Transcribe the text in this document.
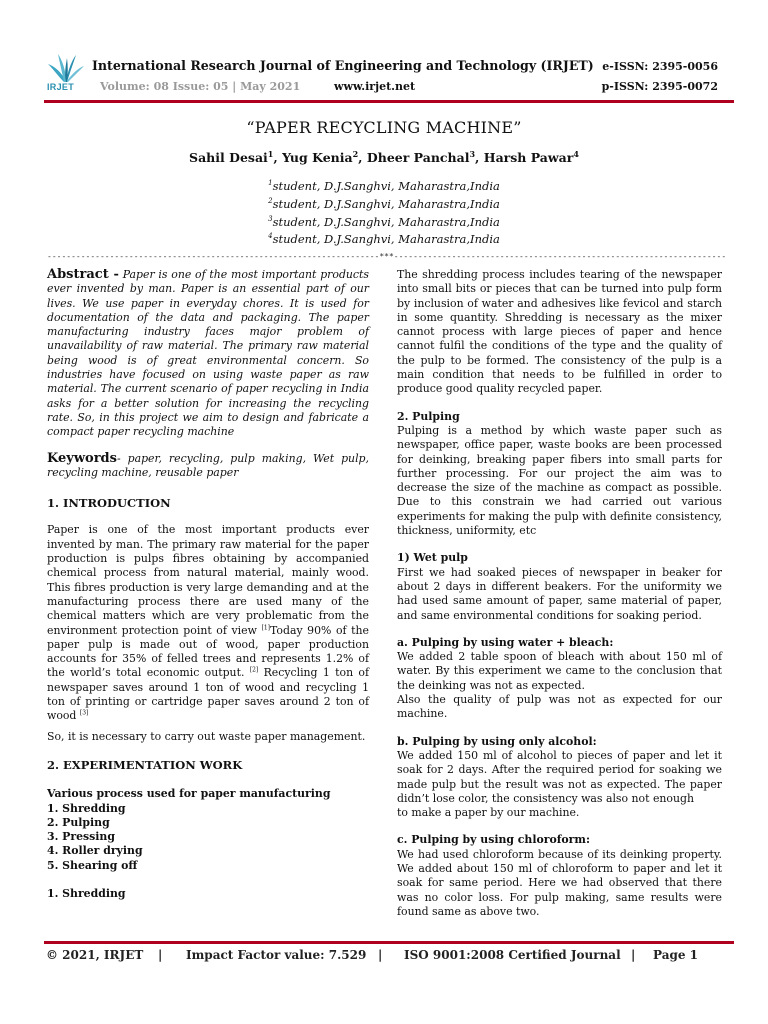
IRJET
International Research Journal of Engineering and Technology (IRJET)
Volume: 08 Issue: 05 | May 2021	www.irjet.net
e-ISSN: 2395-0056
p-ISSN: 2395-0072
“PAPER RECYCLING MACHINE”
Sahil Desai$^1$, Yug Kenia$^2$, Dheer Panchal$^3$, Harsh Pawar$^4$
$^1$student, D.J.Sanghvi, Maharastra,India
$^2$student, D.J.Sanghvi, Maharastra,India
$^3$student, D.J.Sanghvi, Maharastra,India
$^4$student, D.J.Sanghvi, Maharastra,India
---------------------------------------------------------------------***---------------------------------------------------------------------

Abstract - Paper is one of the most important products ever invented by man. Paper is an essential part of our lives. We use paper in everyday chores. It is used for documentation of the data and packaging. The paper manufacturing industry faces major problem of unavailability of raw material. The primary raw material being wood is of great environmental concern. So industries have focused on using waste paper as raw material. The current scenario of paper recycling in India asks for a better solution for increasing the recycling rate. So, in this project we aim to design and fabricate a compact paper recycling machine

Keywords- paper, recycling, pulp making, Wet pulp, recycling machine, reusable paper

1. INTRODUCTION

Paper is one of the most important products ever invented by man. The primary raw material for the paper production is pulps fibres obtaining by accompanied chemical process from natural material, mainly wood. This fibres production is very large demanding and at the manufacturing process there are used many of the chemical matters which are very problematic from the environment protection point of view [1]Today 90% of the paper pulp is made out of wood, paper production accounts for 35% of felled trees and represents 1.2% of the world’s total economic output. [2] Recycling 1 ton of newspaper saves around 1 ton of wood and recycling 1 ton of printing or cartridge paper saves around 2 ton of wood [3]

So, it is necessary to carry out waste paper management.

2. EXPERIMENTATION WORK

Various process used for paper manufacturing

1. Shredding

2. Pulping

3. Pressing

4. Roller drying

5. Shearing off

1. Shredding

The shredding process includes tearing of the newspaper into small bits or pieces that can be turned into pulp form by inclusion of water and adhesives like fevicol and starch in some quantity. Shredding is necessary as the mixer cannot process with large pieces of paper and hence cannot fulfil the conditions of the type and the quality of the pulp to be formed. The consistency of the pulp is a main condition that needs to be fulfilled in order to produce good quality recycled paper.

2. Pulping

Pulping is a method by which waste paper such as newspaper, office paper, waste books are been processed for deinking, breaking paper fibers into small parts for further processing. For our project the aim was to decrease the size of the machine as compact as possible. Due to this constrain we had carried out various experiments for making the pulp with definite consistency, thickness, uniformity, etc

1) Wet pulp

First we had soaked pieces of newspaper in beaker for about 2 days in different beakers. For the uniformity we had used same amount of paper, same material of paper, and same environmental conditions for soaking period.

a. Pulping by using water + bleach:

We added 2 table spoon of bleach with about 150 ml of water. By this experiment we came to the conclusion that the deinking was not as expected.

Also the quality of pulp was not as expected for our machine.

b. Pulping by using only alcohol:

We added 150 ml of alcohol to pieces of paper and let it soak for 2 days. After the required period for soaking we made pulp but the result was not as expected. The paper didn’t lose color, the consistency was also not enough

to make a paper by our machine.

c. Pulping by using chloroform:

We had used chloroform because of its deinking property. We added about 150 ml of chloroform to paper and let it soak for same period. Here we had observed that there was no color loss. For pulp making, same results were found same as above two.

© 2021, IRJET | Impact Factor value: 7.529 | ISO 9001:2008 Certified Journal | Page 1
